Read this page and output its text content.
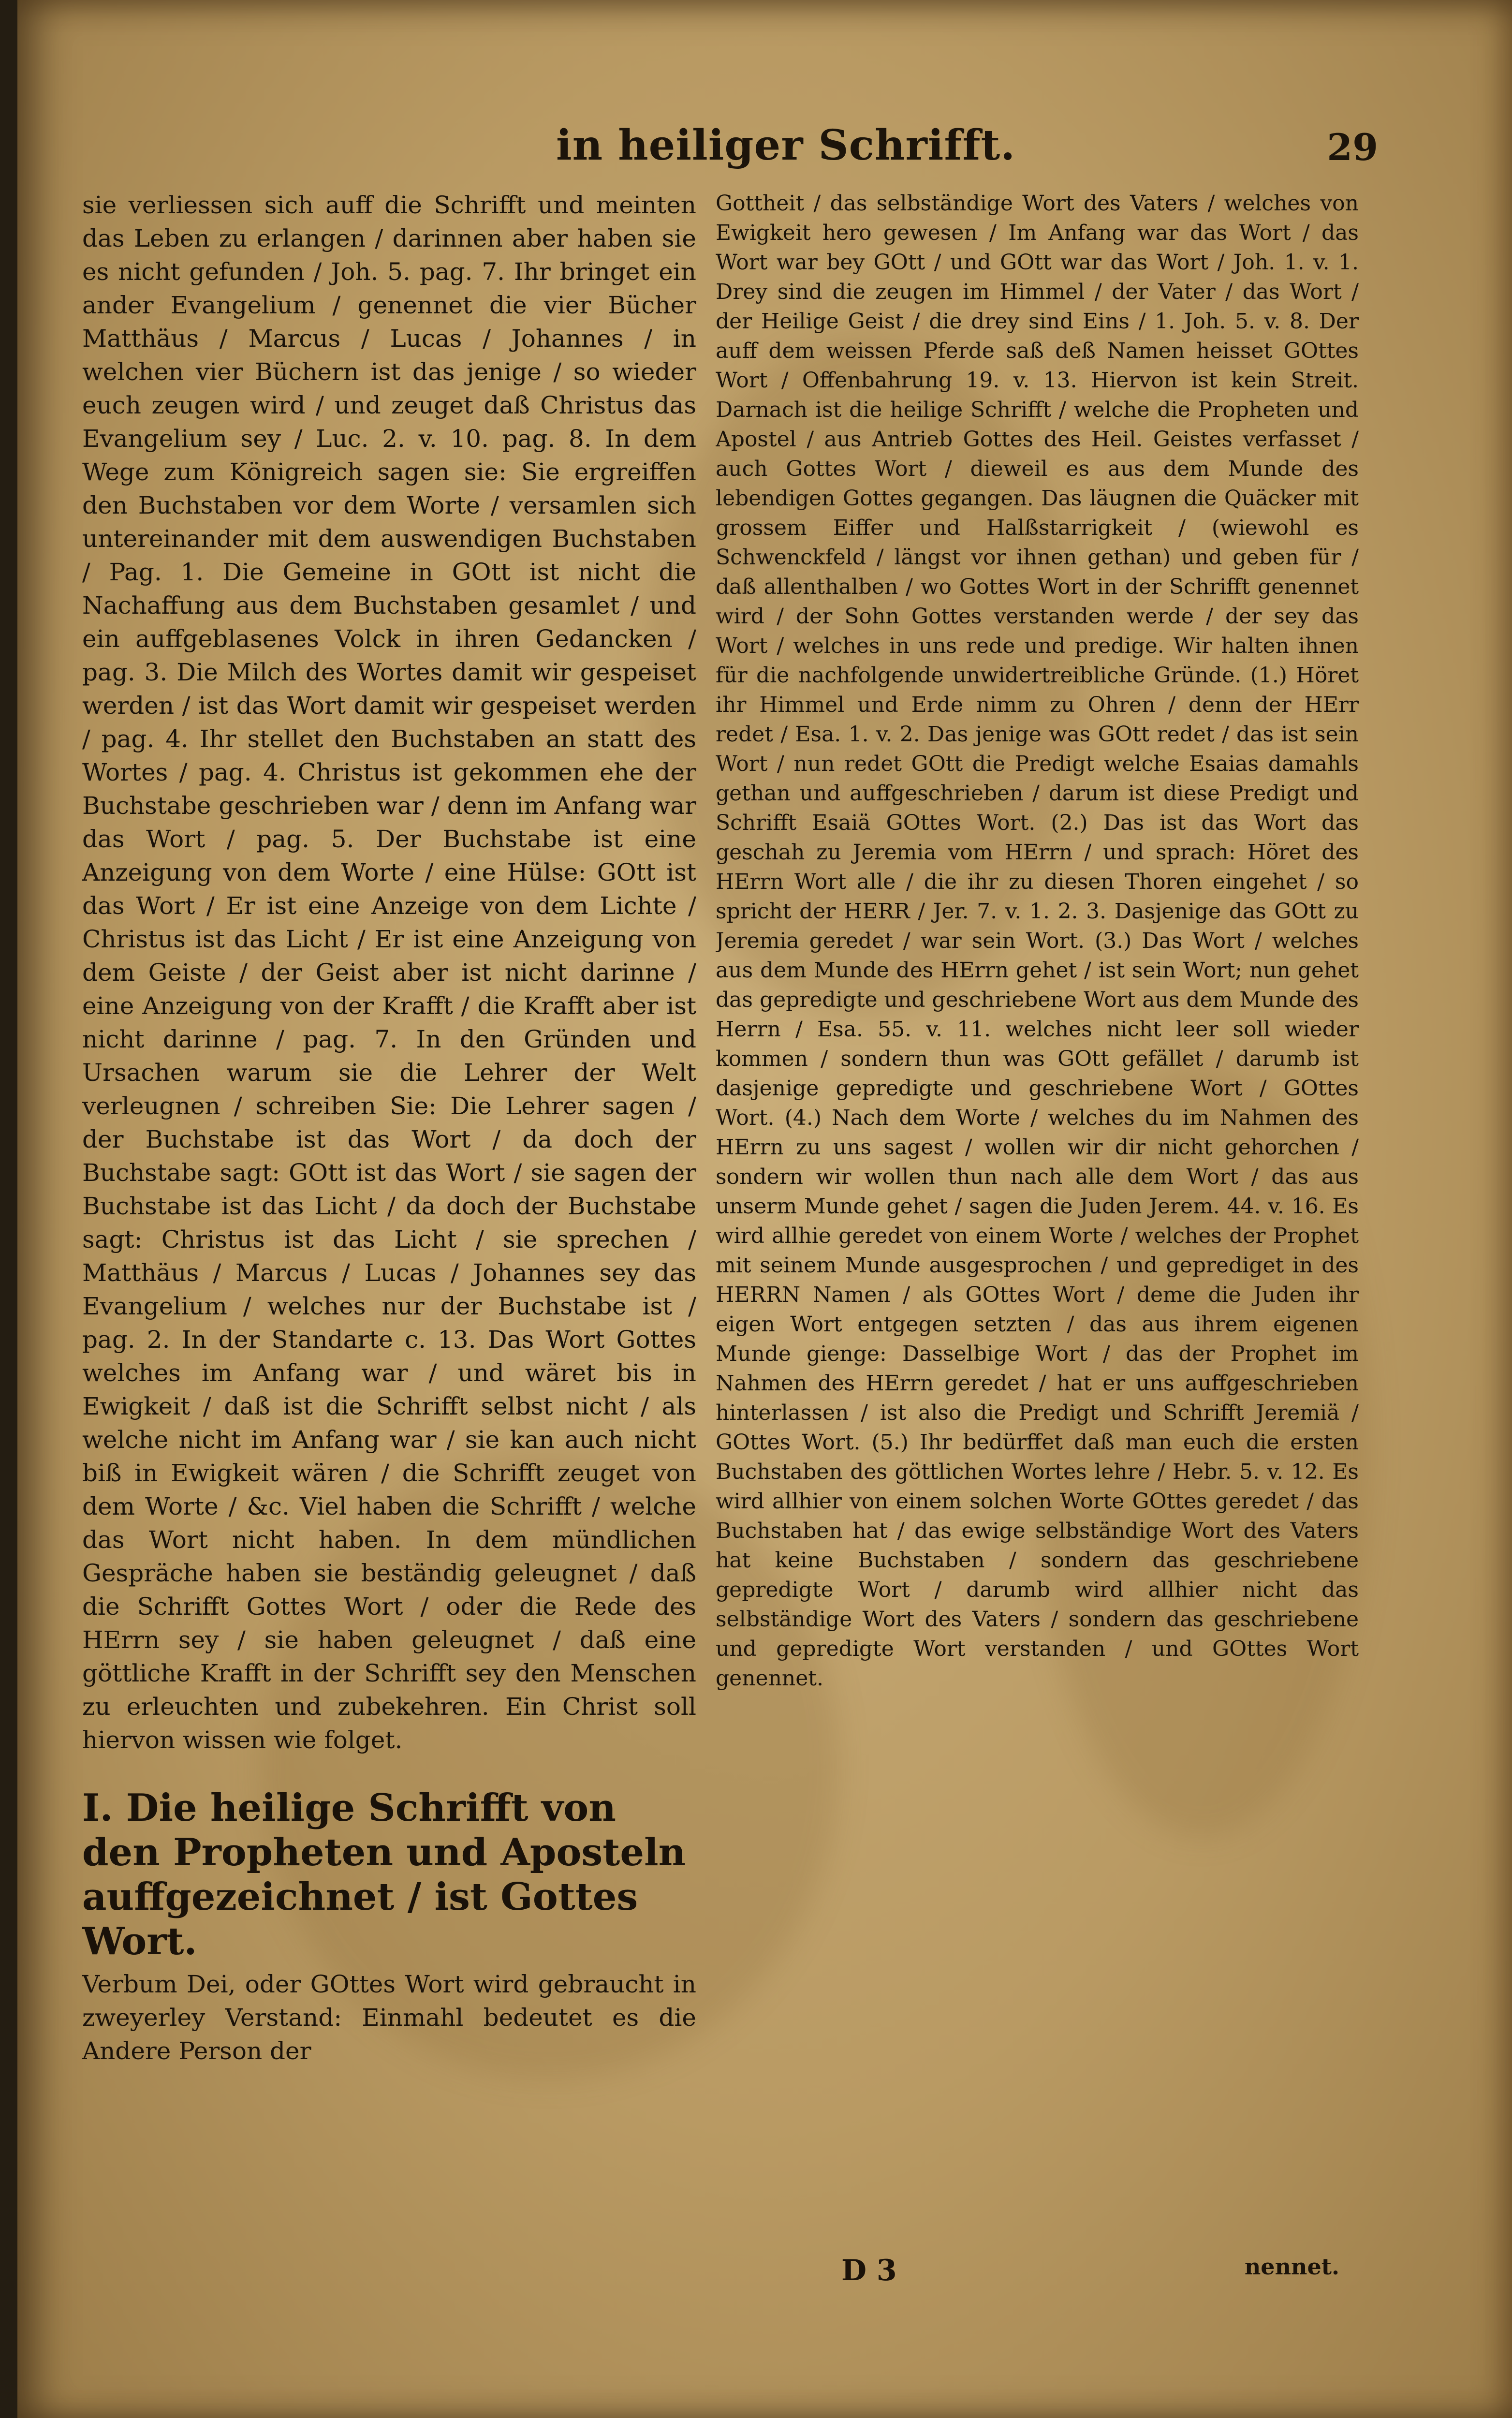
in heiliger Schrifft.	29

sie verliessen sich auff die Schrifft und meinten das Leben zu erlangen / darinnen aber haben sie es nicht gefunden / Joh. 5. pag. 7. Ihr bringet ein ander Evangelium / genennet die vier Bücher Matthäus / Marcus / Lucas / Johannes / in welchen vier Büchern ist das jenige / so wieder euch zeugen wird / und zeuget daß Christus das Evangelium sey / Luc. 2. v. 10. pag. 8. In dem Wege zum Königreich sagen sie: Sie ergreiffen den Buchstaben vor dem Worte / versamlen sich untereinander mit dem auswendigen Buchstaben / Pag. 1. Die Gemeine in GOtt ist nicht die Nachaffung aus dem Buchstaben gesamlet / und ein auffgeblasenes Volck in ihren Gedancken / pag. 3. Die Milch des Wortes damit wir gespeiset werden / ist das Wort damit wir gespeiset werden / pag. 4. Ihr stellet den Buchstaben an statt des Wortes / pag. 4. Christus ist gekommen ehe der Buchstabe geschrieben war / denn im Anfang war das Wort / pag. 5. Der Buchstabe ist eine Anzeigung von dem Worte / eine Hülse: GOtt ist das Wort / Er ist eine Anzeige von dem Lichte / Christus ist das Licht / Er ist eine Anzeigung von dem Geiste / der Geist aber ist nicht darinne / eine Anzeigung von der Krafft / die Krafft aber ist nicht darinne / pag. 7. In den Gründen und Ursachen warum sie die Lehrer der Welt verleugnen / schreiben Sie: Die Lehrer sagen / der Buchstabe ist das Wort / da doch der Buchstabe sagt: GOtt ist das Wort / sie sagen der Buchstabe ist das Licht / da doch der Buchstabe sagt: Christus ist das Licht / sie sprechen / Matthäus / Marcus / Lucas / Johannes sey das Evangelium / welches nur der Buchstabe ist / pag. 2. In der Standarte c. 13. Das Wort Gottes welches im Anfang war / und wäret bis in Ewigkeit / daß ist die Schrifft selbst nicht / als welche nicht im Anfang war / sie kan auch nicht biß in Ewigkeit wären / die Schrifft zeuget von dem Worte / &c. Viel haben die Schrifft / welche das Wort nicht haben. In dem mündlichen Gespräche haben sie beständig geleugnet / daß die Schrifft Gottes Wort / oder die Rede des HErrn sey / sie haben geleugnet / daß eine göttliche Krafft in der Schrifft sey den Menschen zu erleuchten und zubekehren. Ein Christ soll hiervon wissen wie folget.

I. Die heilige Schrifft von den Propheten und Aposteln auffgezeichnet / ist Gottes Wort.

Verbum Dei, oder GOttes Wort wird gebraucht in zweyerley Verstand: Einmahl bedeutet es die Andere Person der

Gottheit / das selbständige Wort des Vaters / welches von Ewigkeit hero gewesen / Im Anfang war das Wort / das Wort war bey GOtt / und GOtt war das Wort / Joh. 1. v. 1. Drey sind die zeugen im Himmel / der Vater / das Wort / der Heilige Geist / die drey sind Eins / 1. Joh. 5. v. 8. Der auff dem weissen Pferde saß deß Namen heisset GOttes Wort / Offenbahrung 19. v. 13. Hiervon ist kein Streit. Darnach ist die heilige Schrifft / welche die Propheten und Apostel / aus Antrieb Gottes des Heil. Geistes verfasset / auch Gottes Wort / dieweil es aus dem Munde des lebendigen Gottes gegangen. Das läugnen die Quäcker mit grossem Eiffer und Halßstarrigkeit / (wiewohl es Schwenckfeld / längst vor ihnen gethan) und geben für / daß allenthalben / wo Gottes Wort in der Schrifft genennet wird / der Sohn Gottes verstanden werde / der sey das Wort / welches in uns rede und predige. Wir halten ihnen für die nachfolgende unwidertreibliche Gründe. (1.) Höret ihr Himmel und Erde nimm zu Ohren / denn der HErr redet / Esa. 1. v. 2. Das jenige was GOtt redet / das ist sein Wort / nun redet GOtt die Predigt welche Esaias damahls gethan und auffgeschrieben / darum ist diese Predigt und Schrifft Esaiä GOttes Wort. (2.) Das ist das Wort das geschah zu Jeremia vom HErrn / und sprach: Höret des HErrn Wort alle / die ihr zu diesen Thoren eingehet / so spricht der HERR / Jer. 7. v. 1. 2. 3. Dasjenige das GOtt zu Jeremia geredet / war sein Wort. (3.) Das Wort / welches aus dem Munde des HErrn gehet / ist sein Wort; nun gehet das gepredigte und geschriebene Wort aus dem Munde des Herrn / Esa. 55. v. 11. welches nicht leer soll wieder kommen / sondern thun was GOtt gefället / darumb ist dasjenige gepredigte und geschriebene Wort / GOttes Wort. (4.) Nach dem Worte / welches du im Nahmen des HErrn zu uns sagest / wollen wir dir nicht gehorchen / sondern wir wollen thun nach alle dem Wort / das aus unserm Munde gehet / sagen die Juden Jerem. 44. v. 16. Es wird allhie geredet von einem Worte / welches der Prophet mit seinem Munde ausgesprochen / und geprediget in des HERRN Namen / als GOttes Wort / deme die Juden ihr eigen Wort entgegen setzten / das aus ihrem eigenen Munde gienge: Dasselbige Wort / das der Prophet im Nahmen des HErrn geredet / hat er uns auffgeschrieben hinterlassen / ist also die Predigt und Schrifft Jeremiä / GOttes Wort. (5.) Ihr bedürffet daß man euch die ersten Buchstaben des göttlichen Wortes lehre / Hebr. 5. v. 12. Es wird allhier von einem solchen Worte GOttes geredet / das Buchstaben hat / das ewige selbständige Wort des Vaters hat keine Buchstaben / sondern das geschriebene gepredigte Wort / darumb wird allhier nicht das selbständige Wort des Vaters / sondern das geschriebene und gepredigte Wort verstanden / und GOttes Wort genennet.

D 3	nennet.
